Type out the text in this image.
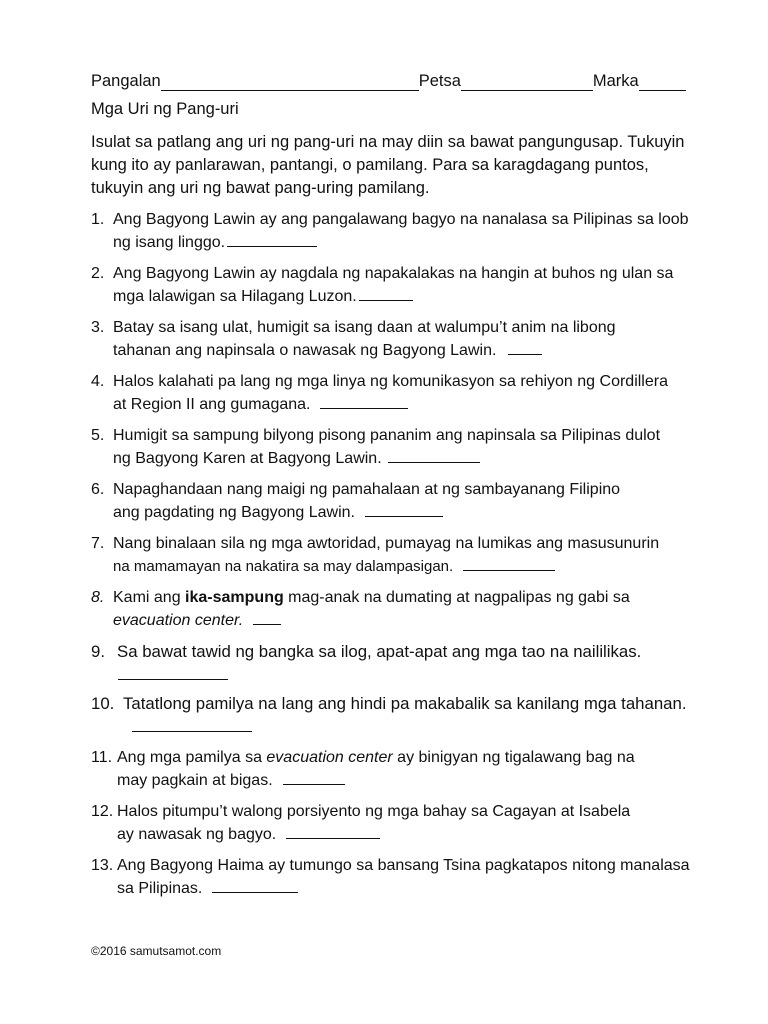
Pangalan	Petsa	Marka
Mga Uri ng Pang-uri
Isulat sa patlang ang uri ng pang-uri na may diin sa bawat pangungusap. Tukuyin
kung ito ay panlarawan, pantangi, o pamilang. Para sa karagdagang puntos,
tukuyin ang uri ng bawat pang-uring pamilang.
1. Ang Bagyong Lawin ay ang pangalawang bagyo na nanalasa sa Pilipinas sa loob
ng isang linggo.
2. Ang Bagyong Lawin ay nagdala ng napakalakas na hangin at buhos ng ulan sa
mga lalawigan sa Hilagang Luzon.
3. Batay sa isang ulat, humigit sa isang daan at walumpu’t anim na libong
tahanan ang napinsala o nawasak ng Bagyong Lawin.
4. Halos kalahati pa lang ng mga linya ng komunikasyon sa rehiyon ng Cordillera
at Region II ang gumagana.
5. Humigit sa sampung bilyong pisong pananim ang napinsala sa Pilipinas dulot
ng Bagyong Karen at Bagyong Lawin.
6. Napaghandaan nang maigi ng pamahalaan at ng sambayanang Filipino
ang pagdating ng Bagyong Lawin.
7. Nang binalaan sila ng mga awtoridad, pumayag na lumikas ang masusunurin
na mamamayan na nakatira sa may dalampasigan.
8. Kami ang ika-sampung mag-anak na dumating at nagpalipas ng gabi sa
evacuation center.
9. Sa bawat tawid ng bangka sa ilog, apat-apat ang mga tao na naililikas.
10. Tatatlong pamilya na lang ang hindi pa makabalik sa kanilang mga tahanan.
11. Ang mga pamilya sa evacuation center ay binigyan ng tigalawang bag na
may pagkain at bigas.
12. Halos pitumpu’t walong porsiyento ng mga bahay sa Cagayan at Isabela
ay nawasak ng bagyo.
13. Ang Bagyong Haima ay tumungo sa bansang Tsina pagkatapos nitong manalasa
sa Pilipinas.
©2016 samutsamot.com
